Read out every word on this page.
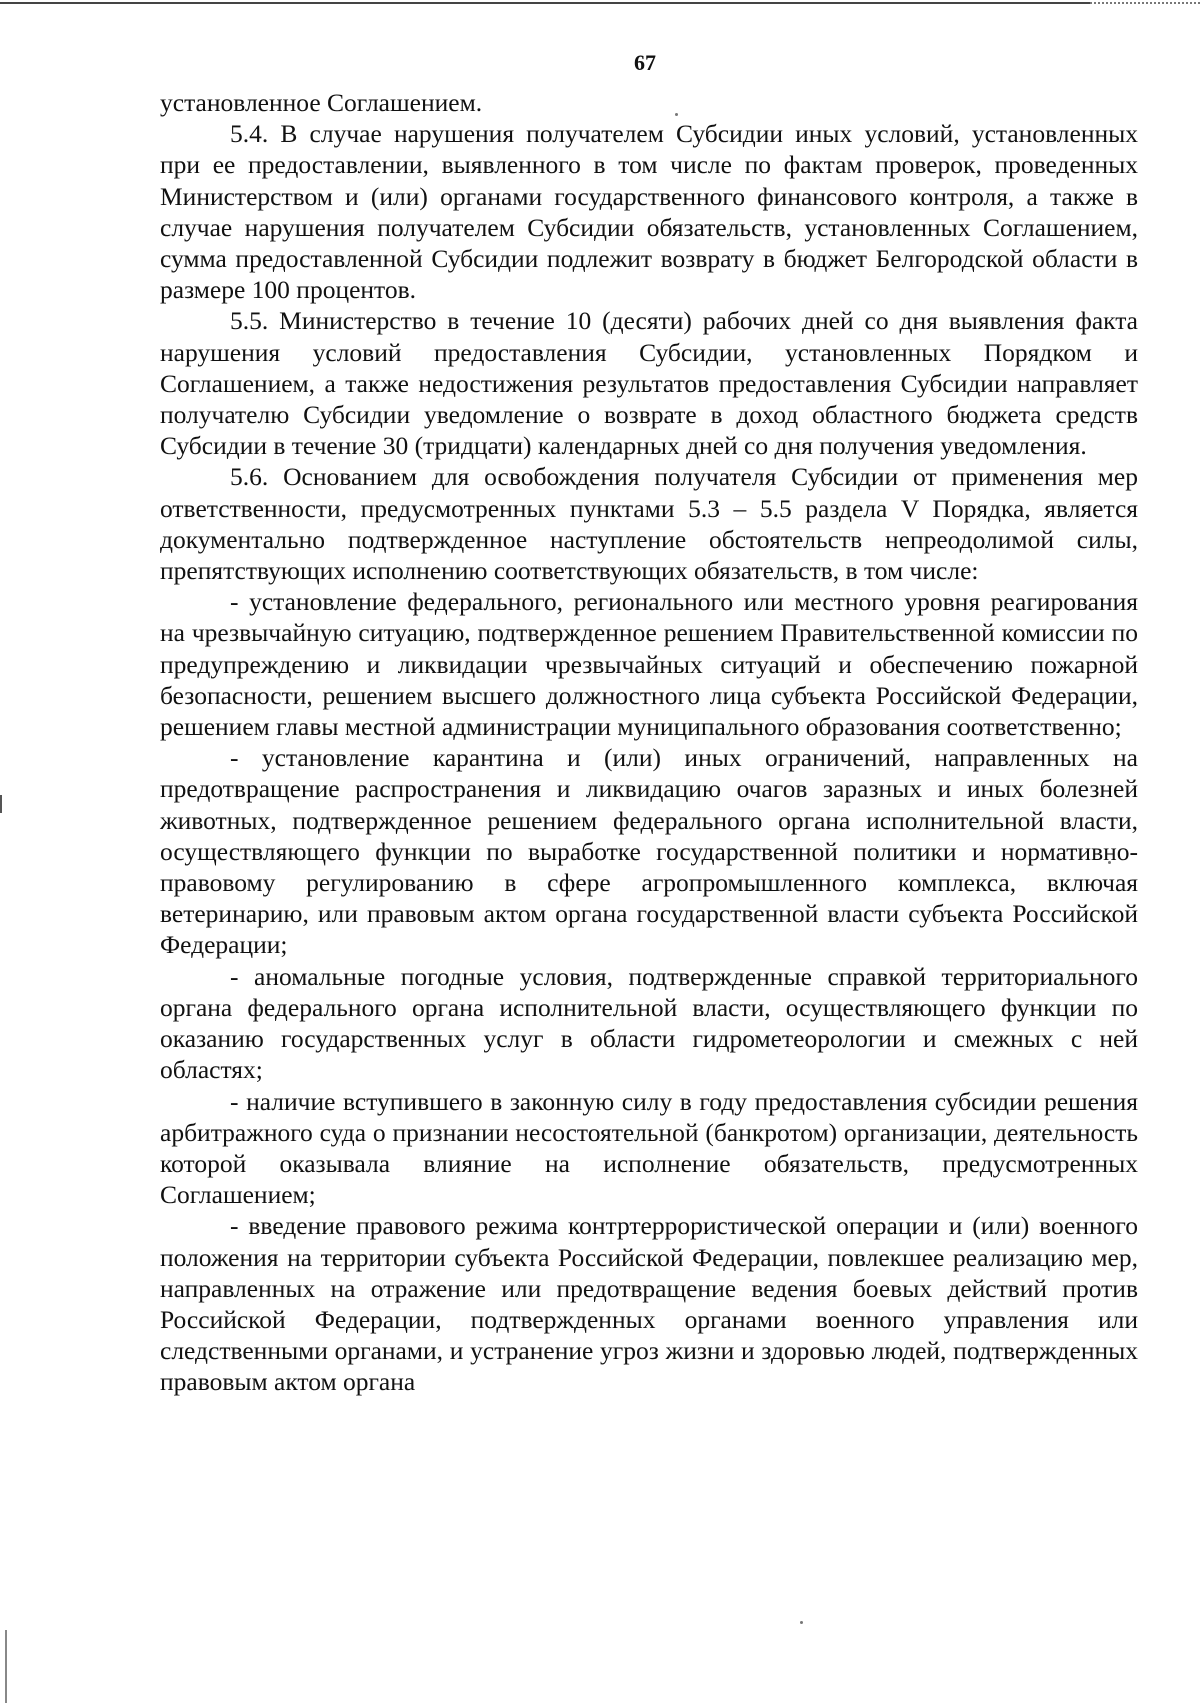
67

установленное Соглашением.

5.4. В случае нарушения получателем Субсидии иных условий, установленных при ее предоставлении, выявленного в том числе по фактам проверок, проведенных Министерством и (или) органами государственного финансового контроля, а также в случае нарушения получателем Субсидии обязательств, установленных Соглашением, сумма предоставленной Субсидии подлежит возврату в бюджет Белгородской области в размере 100 процентов.

5.5. Министерство в течение 10 (десяти) рабочих дней со дня выявления факта нарушения условий предоставления Субсидии, установленных Порядком и Соглашением, а также недостижения результатов предоставления Субсидии направляет получателю Субсидии уведомление о возврате в доход областного бюджета средств Субсидии в течение 30 (тридцати) календарных дней со дня получения уведомления.

5.6. Основанием для освобождения получателя Субсидии от применения мер ответственности, предусмотренных пунктами 5.3 – 5.5 раздела V Порядка, является документально подтвержденное наступление обстоятельств непреодолимой силы, препятствующих исполнению соответствующих обязательств, в том числе:

- установление федерального, регионального или местного уровня реагирования на чрезвычайную ситуацию, подтвержденное решением Правительственной комиссии по предупреждению и ликвидации чрезвычайных ситуаций и обеспечению пожарной безопасности, решением высшего должностного лица субъекта Российской Федерации, решением главы местной администрации муниципального образования соответственно;

- установление карантина и (или) иных ограничений, направленных на предотвращение распространения и ликвидацию очагов заразных и иных болезней животных, подтвержденное решением федерального органа исполнительной власти, осуществляющего функции по выработке государственной политики и нормативно-правовому регулированию в сфере агропромышленного комплекса, включая ветеринарию, или правовым актом органа государственной власти субъекта Российской Федерации;

- аномальные погодные условия, подтвержденные справкой территориального органа федерального органа исполнительной власти, осуществляющего функции по оказанию государственных услуг в области гидрометеорологии и смежных с ней областях;

- наличие вступившего в законную силу в году предоставления субсидии решения арбитражного суда о признании несостоятельной (банкротом) организации, деятельность которой оказывала влияние на исполнение обязательств, предусмотренных Соглашением;

- введение правового режима контртеррористической операции и (или) военного положения на территории субъекта Российской Федерации, повлекшее реализацию мер, направленных на отражение или предотвращение ведения боевых действий против Российской Федерации, подтвержденных органами военного управления или следственными органами, и устранение угроз жизни и здоровью людей, подтвержденных правовым актом органа
